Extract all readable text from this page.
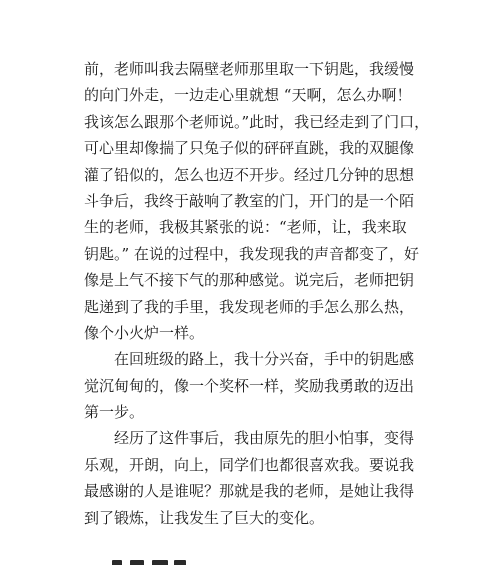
前，老师叫我去隔壁老师那里取一下钥匙，我缓慢
的向门外走，一边走心里就想 “天啊，怎么办啊！
我该怎么跟那个老师说。”此时，我已经走到了门口，
可心里却像揣了只兔子似的砰砰直跳，我的双腿像
灌了铅似的，怎么也迈不开步。经过几分钟的思想
斗争后，我终于敲响了教室的门，开门的是一个陌
生的老师，我极其紧张的说：“老师，让，我来取
钥匙。” 在说的过程中，我发现我的声音都变了，好
像是上气不接下气的那种感觉。说完后，老师把钥
匙递到了我的手里，我发现老师的手怎么那么热，
像个小火炉一样。
　　在回班级的路上，我十分兴奋，手中的钥匙感
觉沉甸甸的，像一个奖杯一样，奖励我勇敢的迈出
第一步。
　　经历了这件事后，我由原先的胆小怕事，变得
乐观，开朗，向上，同学们也都很喜欢我。要说我
最感谢的人是谁呢？那就是我的老师，是她让我得
到了锻炼，让我发生了巨大的变化。
